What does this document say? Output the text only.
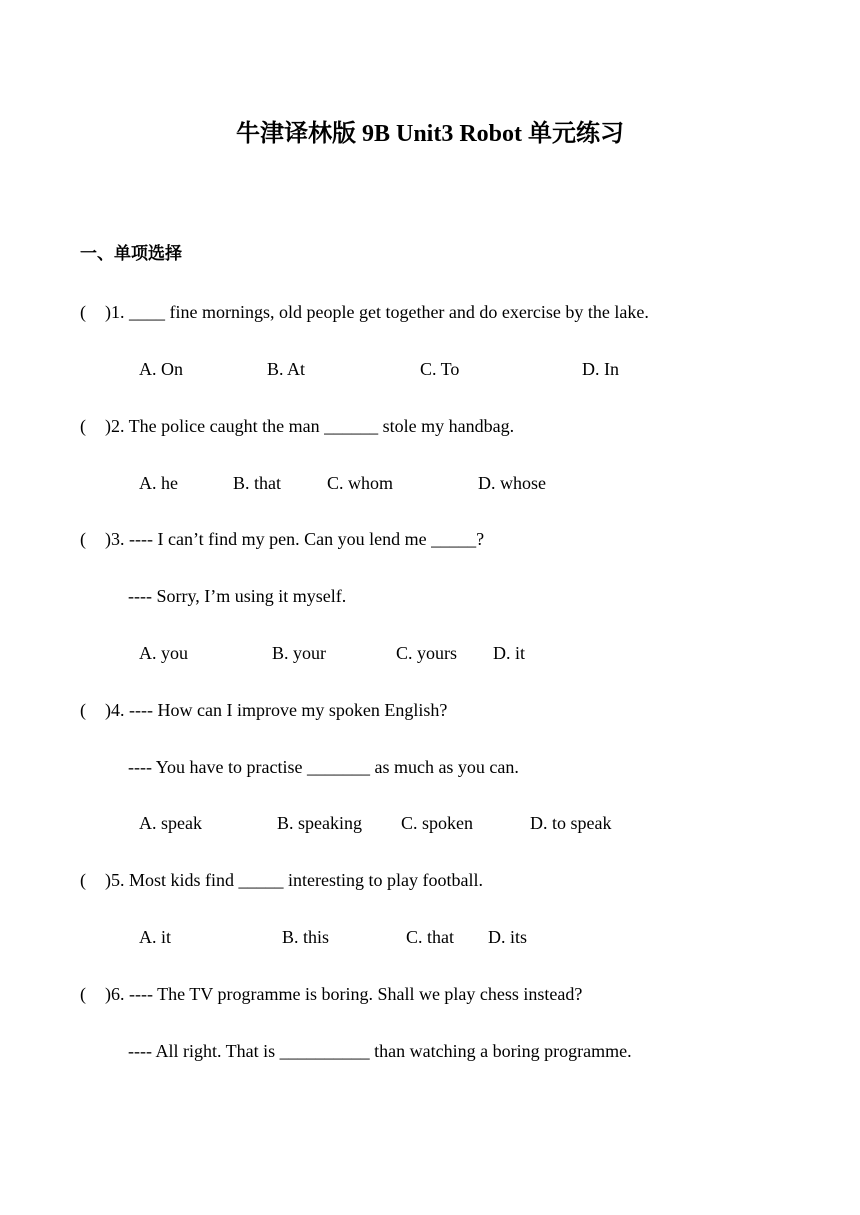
牛津译林版 9B Unit3 Robot 单元练习
一、单项选择
( )1. ____ fine mornings, old people get together and do exercise by the lake.
A. On	B. At	C. To	D. In
( )2. The police caught the man ______ stole my handbag.
A. he	B. that	C. whom	D. whose
( )3. ---- I can’t find my pen. Can you lend me _____?
---- Sorry, I’m using it myself.
A. you	B. your	C. yours D. it
( )4. ---- How can I improve my spoken English?
---- You have to practise _______ as much as you can.
A. speak	B. speaking C. spoken	D. to speak
( )5. Most kids find _____ interesting to play football.
A. it	B. this	C. that D. its
( )6. ---- The TV programme is boring. Shall we play chess instead?
---- All right. That is __________ than watching a boring programme.
